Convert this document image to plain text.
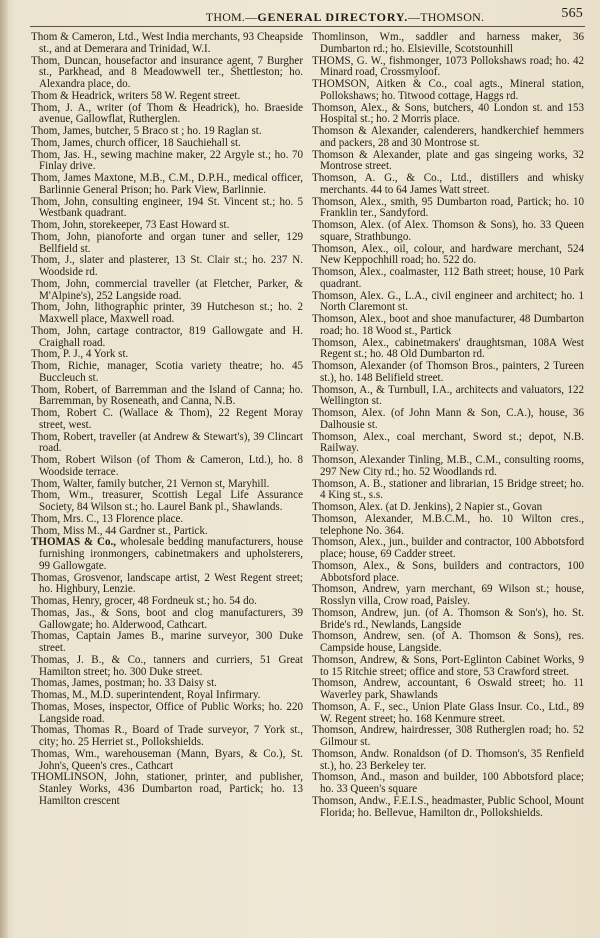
THOM.—GENERAL DIRECTORY.—THOMSON.	565

Thom & Cameron, Ltd., West India merchants, 93 Cheapside st., and at Demerara and Trinidad, W.I.

Thom, Duncan, housefactor and insurance agent, 7 Burgher st., Parkhead, and 8 Meadowwell ter., Shettleston; ho. Alexandra place, do.

Thom & Headrick, writers 58 W. Regent street.

Thom, J. A., writer (of Thom & Headrick), ho. Braeside avenue, Gallowflat, Rutherglen.

Thom, James, butcher, 5 Braco st ; ho. 19 Raglan st.

Thom, James, church officer, 18 Sauchiehall st.

Thom, Jas. H., sewing machine maker, 22 Argyle st.; ho. 70 Finlay drive.

Thom, James Maxtone, M.B., C.M., D.P.H., medical officer, Barlinnie General Prison; ho. Park View, Barlinnie.

Thom, John, consulting engineer, 194 St. Vincent st.; ho. 5 Westbank quadrant.

Thom, John, storekeeper, 73 East Howard st.

Thom, John, pianoforte and organ tuner and seller, 129 Bellfield st.

Thom, J., slater and plasterer, 13 St. Clair st.; ho. 237 N. Woodside rd.

Thom, John, commercial traveller (at Fletcher, Parker, & M'Alpine's), 252 Langside road.

Thom, John, lithographic printer, 39 Hutcheson st.; ho. 2 Maxwell place, Maxwell road.

Thom, John, cartage contractor, 819 Gallowgate and H. Craighall road.

Thom, P. J., 4 York st.

Thom, Richie, manager, Scotia variety theatre; ho. 45 Buccleuch st.

Thom, Robert, of Barremman and the Island of Canna; ho. Barremman, by Roseneath, and Canna, N.B.

Thom, Robert C. (Wallace & Thom), 22 Regent Moray street, west.

Thom, Robert, traveller (at Andrew & Stewart's), 39 Clincart road.

Thom, Robert Wilson (of Thom & Cameron, Ltd.), ho. 8 Woodside terrace.

Thom, Walter, family butcher, 21 Vernon st, Maryhill.

Thom, Wm., treasurer, Scottish Legal Life Assurance Society, 84 Wilson st.; ho. Laurel Bank pl., Shawlands.

Thom, Mrs. C., 13 Florence place.

Thom, Miss M., 44 Gardner st., Partick.

THOMAS & Co., wholesale bedding manufacturers, house furnishing ironmongers, cabinetmakers and upholsterers, 99 Gallowgate.

Thomas, Grosvenor, landscape artist, 2 West Regent street; ho. Highbury, Lenzie.

Thomas, Henry, grocer, 48 Fordneuk st.; ho. 54 do.

Thomas, Jas., & Sons, boot and clog manufacturers, 39 Gallowgate; ho. Alderwood, Cathcart.

Thomas, Captain James B., marine surveyor, 300 Duke street.

Thomas, J. B., & Co., tanners and curriers, 51 Great Hamilton street; ho. 300 Duke street.

Thomas, James, postman; ho. 33 Daisy st.

Thomas, M., M.D. superintendent, Royal Infirmary.

Thomas, Moses, inspector, Office of Public Works; ho. 220 Langside road.

Thomas, Thomas R., Board of Trade surveyor, 7 York st., city; ho. 25 Herriet st., Pollokshields.

Thomas, Wm., warehouseman (Mann, Byars, & Co.), St. John's, Queen's cres., Cathcart

THOMLINSON, John, stationer, printer, and publisher, Stanley Works, 436 Dumbarton road, Partick; ho. 13 Hamilton crescent

Thomlinson, Wm., saddler and harness maker, 36 Dumbarton rd.; ho. Elsieville, Scotstounhill

THOMS, G. W., fishmonger, 1073 Pollokshaws road; ho. 42 Minard road, Crossmyloof.

THOMSON, Aitken & Co., coal agts., Mineral station, Pollokshaws; ho. Titwood cottage, Haggs rd.

Thomson, Alex., & Sons, butchers, 40 London st. and 153 Hospital st.; ho. 2 Morris place.

Thomson & Alexander, calenderers, handkerchief hemmers and packers, 28 and 30 Montrose st.

Thomson & Alexander, plate and gas singeing works, 32 Montrose street.

Thomson, A. G., & Co., Ltd., distillers and whisky merchants. 44 to 64 James Watt street.

Thomson, Alex., smith, 95 Dumbarton road, Partick; ho. 10 Franklin ter., Sandyford.

Thomson, Alex. (of Alex. Thomson & Sons), ho. 33 Queen square, Strathbungo.

Thomson, Alex., oil, colour, and hardware merchant, 524 New Keppochhill road; ho. 522 do.

Thomson, Alex., coalmaster, 112 Bath street; house, 10 Park quadrant.

Thomson, Alex. G., L.A., civil engineer and architect; ho. 1 North Claremont st.

Thomson, Alex., boot and shoe manufacturer, 48 Dumbarton road; ho. 18 Wood st., Partick

Thomson, Alex., cabinetmakers' draughtsman, 108A West Regent st.; ho. 48 Old Dumbarton rd.

Thomson, Alexander (of Thomson Bros., painters, 2 Tureen st.), ho. 148 Belifield street.

Thomson, A., & Turnbull, I.A., architects and valuators, 122 Wellington st.

Thomson, Alex. (of John Mann & Son, C.A.), house, 36 Dalhousie st.

Thomson, Alex., coal merchant, Sword st.; depot, N.B. Railway.

Thomson, Alexander Tinling, M.B., C.M., consulting rooms, 297 New City rd.; ho. 52 Woodlands rd.

Thomson, A. B., stationer and librarian, 15 Bridge street; ho. 4 King st., s.s.

Thomson, Alex. (at D. Jenkins), 2 Napier st., Govan

Thomson, Alexander, M.B.C.M., ho. 10 Wilton cres., telephone No. 364.

Thomson, Alex., jun., builder and contractor, 100 Abbotsford place; house, 69 Cadder street.

Thomson, Alex., & Sons, builders and contractors, 100 Abbotsford place.

Thomson, Andrew, yarn merchant, 69 Wilson st.; house, Rosslyn villa, Crow road, Paisley.

Thomson, Andrew, jun. (of A. Thomson & Son's), ho. St. Bride's rd., Newlands, Langside

Thomson, Andrew, sen. (of A. Thomson & Sons), res. Campside house, Langside.

Thomson, Andrew, & Sons, Port-Eglinton Cabinet Works, 9 to 15 Ritchie street; office and store, 53 Crawford street.

Thomson, Andrew, accountant, 6 Oswald street; ho. 11 Waverley park, Shawlands

Thomson, A. F., sec., Union Plate Glass Insur. Co., Ltd., 89 W. Regent street; ho. 168 Kenmure street.

Thomson, Andrew, hairdresser, 308 Rutherglen road; ho. 52 Gilmour st.

Thomson, Andw. Ronaldson (of D. Thomson's, 35 Renfield st.), ho. 23 Berkeley ter.

Thomson, And., mason and builder, 100 Abbotsford place; ho. 33 Queen's square

Thomson, Andw., F.E.I.S., headmaster, Public School, Mount Florida; ho. Bellevue, Hamilton dr., Pollokshields.
